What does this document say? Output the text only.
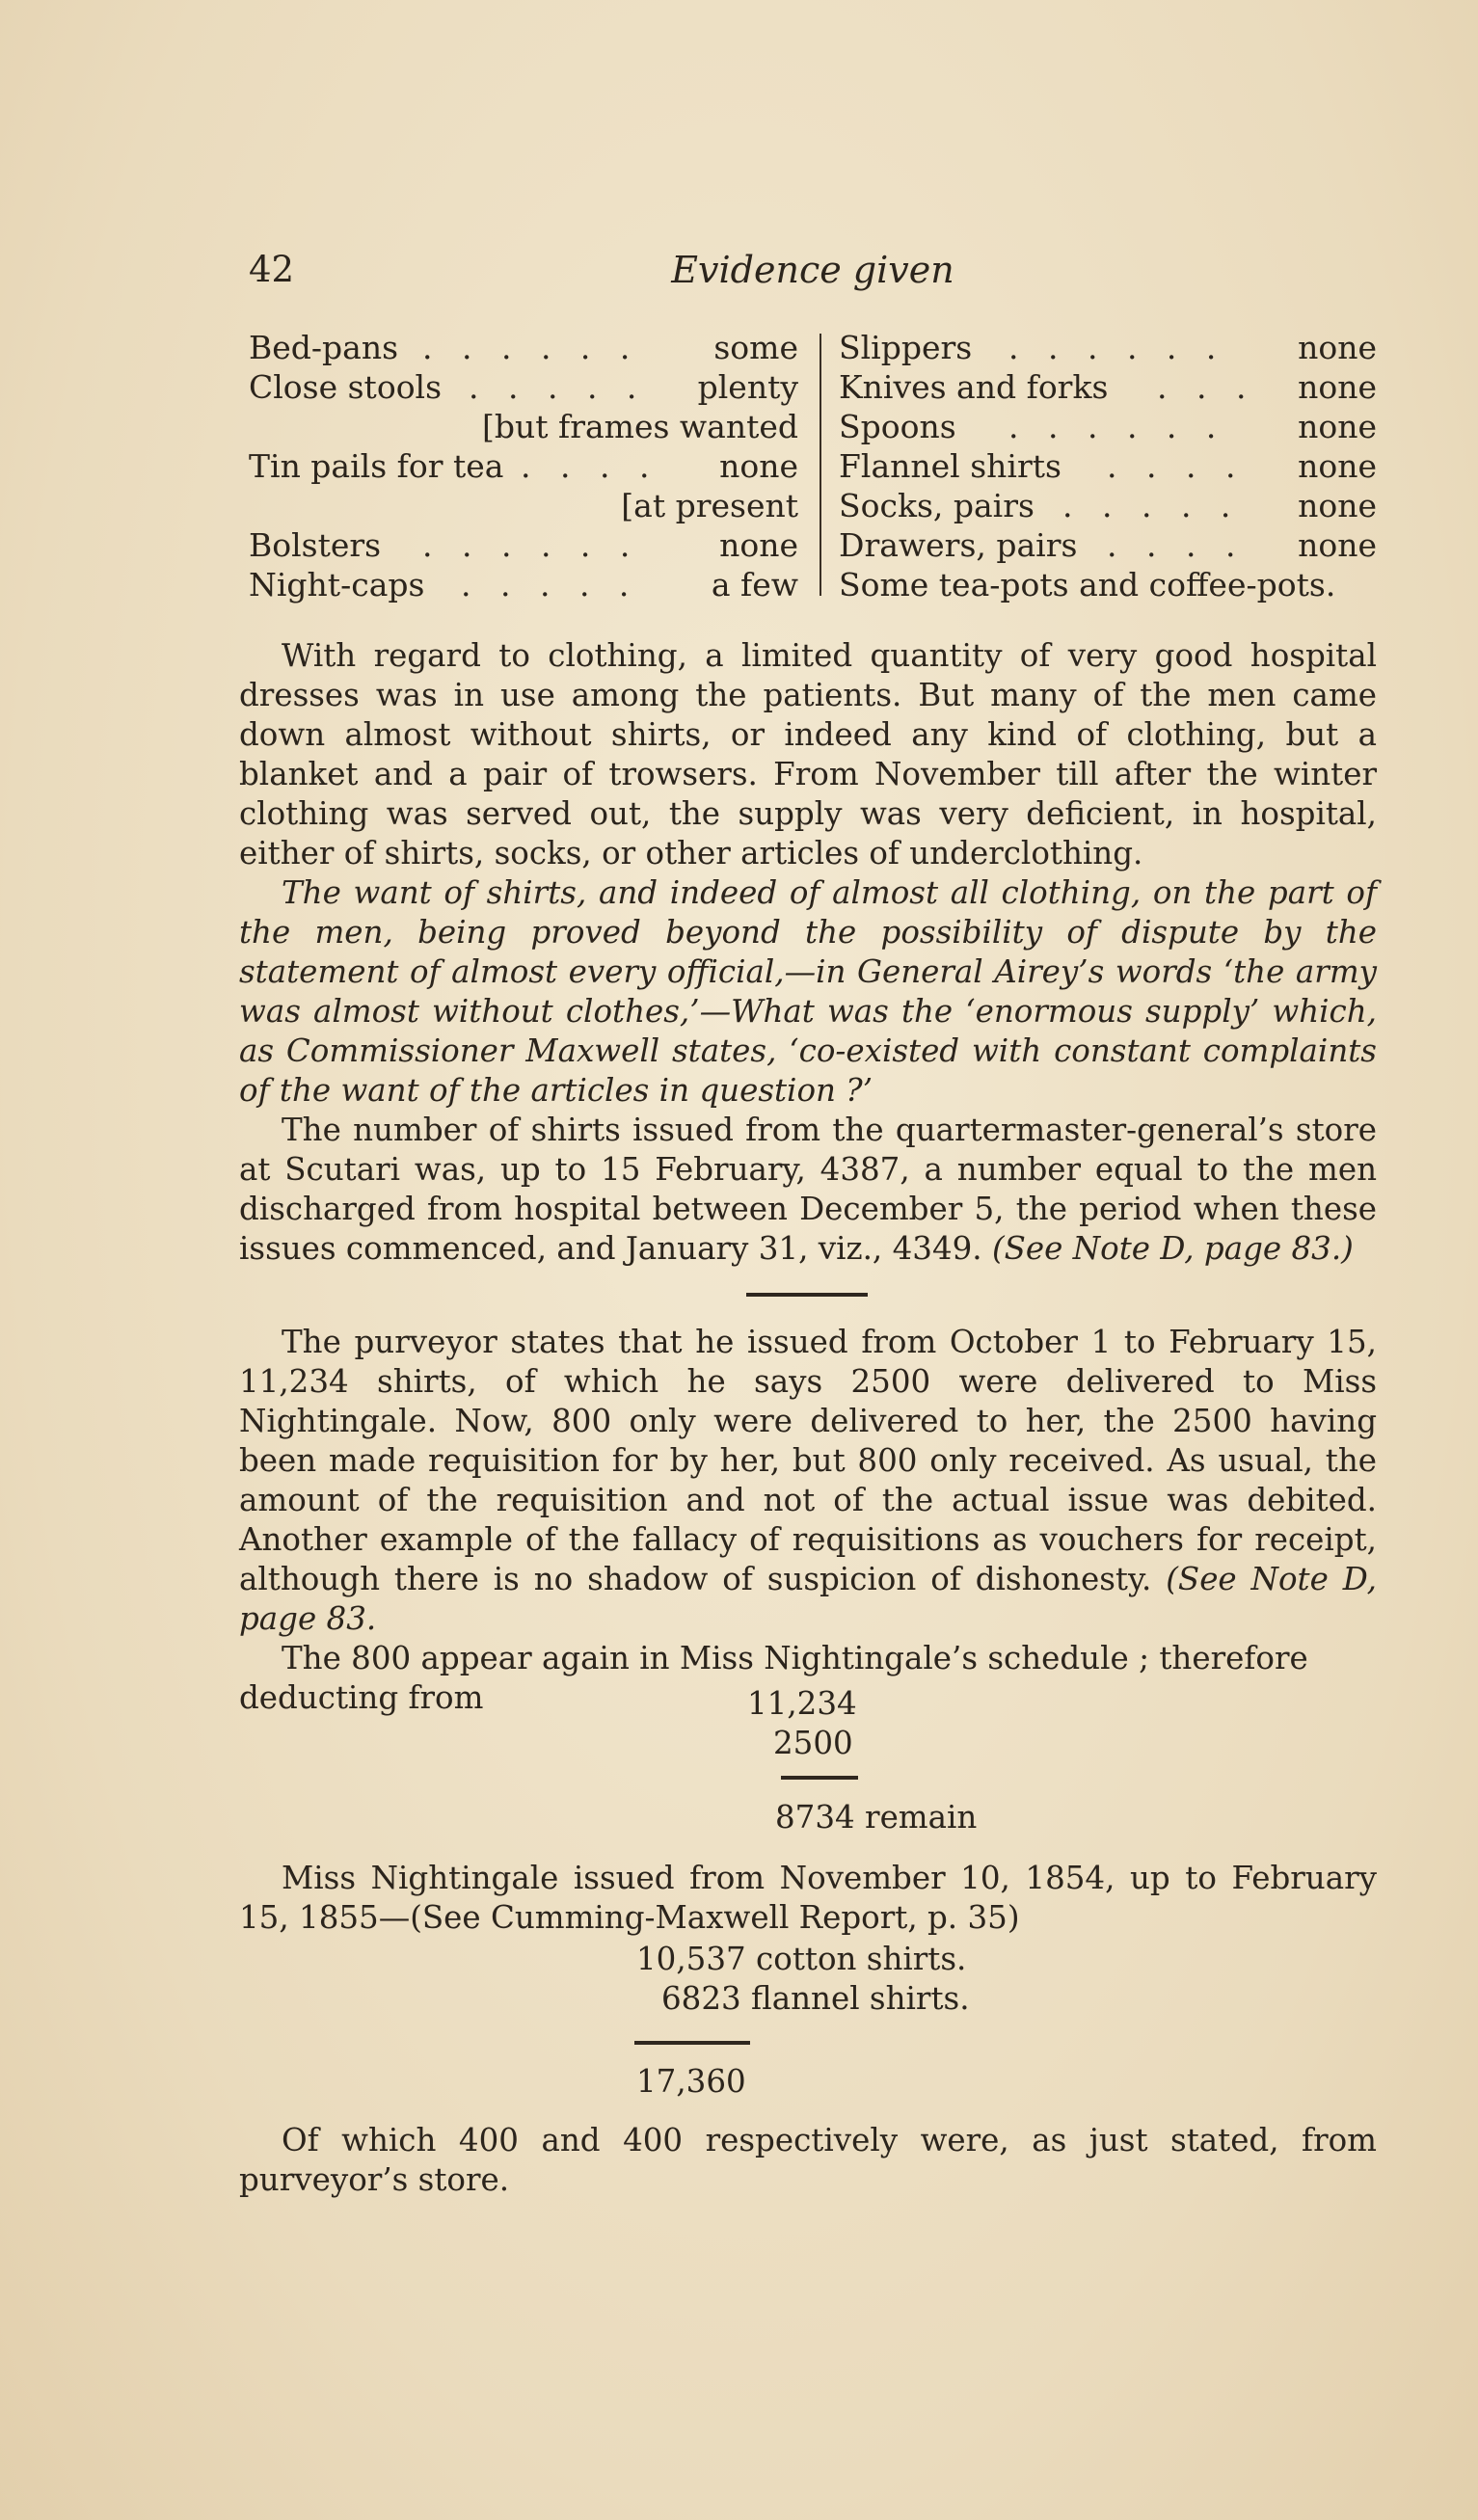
42	Evidence given
Bed-pans . . . . . . some
Close stools . . . . . plenty
[but frames wanted
Tin pails for tea . . . . none
[at present
Bolsters . . . . . .	none
Night-caps . . . . . a few
Slippers . . . . . . none
Knives and forks . . . none
Spoons . . . . . . none
Flannel shirts . . . . none
Socks, pairs . . . . . none
Drawers, pairs . . . . none
Some tea-pots and coffee-pots.

With regard to clothing, a limited quantity of very good hospital dresses was in use among the patients. But many of the men came down almost without shirts, or indeed any kind of clothing, but a blanket and a pair of trowsers. From November till after the winter clothing was served out, the supply was very deficient, in hospital, either of shirts, socks, or other articles of underclothing.

The want of shirts, and indeed of almost all clothing, on the part of the men, being proved beyond the possibility of dispute by the statement of almost every official,—in General Airey’s words ‘the army was almost without clothes,’—What was the ‘enormous supply’ which, as Commissioner Maxwell states, ‘co-existed with constant complaints of the want of the articles in question ?’

The number of shirts issued from the quartermaster-general’s store at Scutari was, up to 15 February, 4387, a number equal to the men discharged from hospital between December 5, the period when these issues commenced, and January 31, viz., 4349. (See Note D, page 83.)

The purveyor states that he issued from October 1 to February 15, 11,234 shirts, of which he says 2500 were delivered to Miss Nightingale. Now, 800 only were delivered to her, the 2500 having been made requisition for by her, but 800 only received. As usual, the amount of the requisition and not of the actual issue was debited. Another example of the fallacy of requisitions as vouchers for receipt, although there is no shadow of suspicion of dishonesty. (See Note D, page 83.

The 800 appear again in Miss Nightingale’s schedule ; therefore

deducting from	11,234
2500
8734 remain

Miss Nightingale issued from November 10, 1854, up to February 15, 1855—(See Cumming-Maxwell Report, p. 35)

10,537 cotton shirts.
6823 flannel shirts.
17,360

Of which 400 and 400 respectively were, as just stated, from purveyor’s store.
